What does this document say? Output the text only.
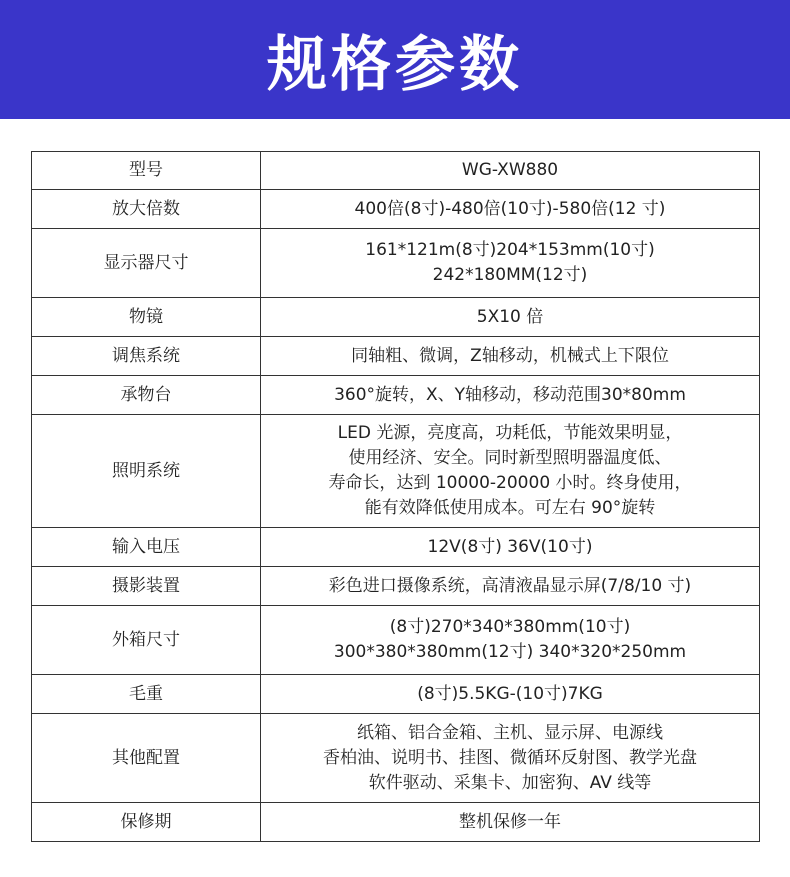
规格参数
型号	WG-XW880

放大倍数	400倍(8寸)-480倍(10寸)-580倍(12 寸)

显示器尺寸	161*121m(8寸)204*153mm(10寸)
242*180MM(12寸)

物镜	5X10 倍

调焦系统	同轴粗、微调，Z轴移动，机械式上下限位

承物台	360°旋转，X、Y轴移动，移动范围30*80mm

照明系统	LED 光源，亮度高，功耗低，节能效果明显，
使用经济、安全。同时新型照明器温度低、
寿命长，达到 10000-20000 小时。终身使用，
能有效降低使用成本。可左右 90°旋转

输入电压	12V(8寸) 36V(10寸)

摄影装置	彩色进口摄像系统，高清液晶显示屏(7/8/10 寸)

外箱尺寸	(8寸)270*340*380mm(10寸)
300*380*380mm(12寸) 340*320*250mm

毛重	(8寸)5.5KG-(10寸)7KG

其他配置	纸箱、铝合金箱、主机、显示屏、电源线
香柏油、说明书、挂图、微循环反射图、教学光盘
软件驱动、采集卡、加密狗、AV 线等

保修期	整机保修一年
